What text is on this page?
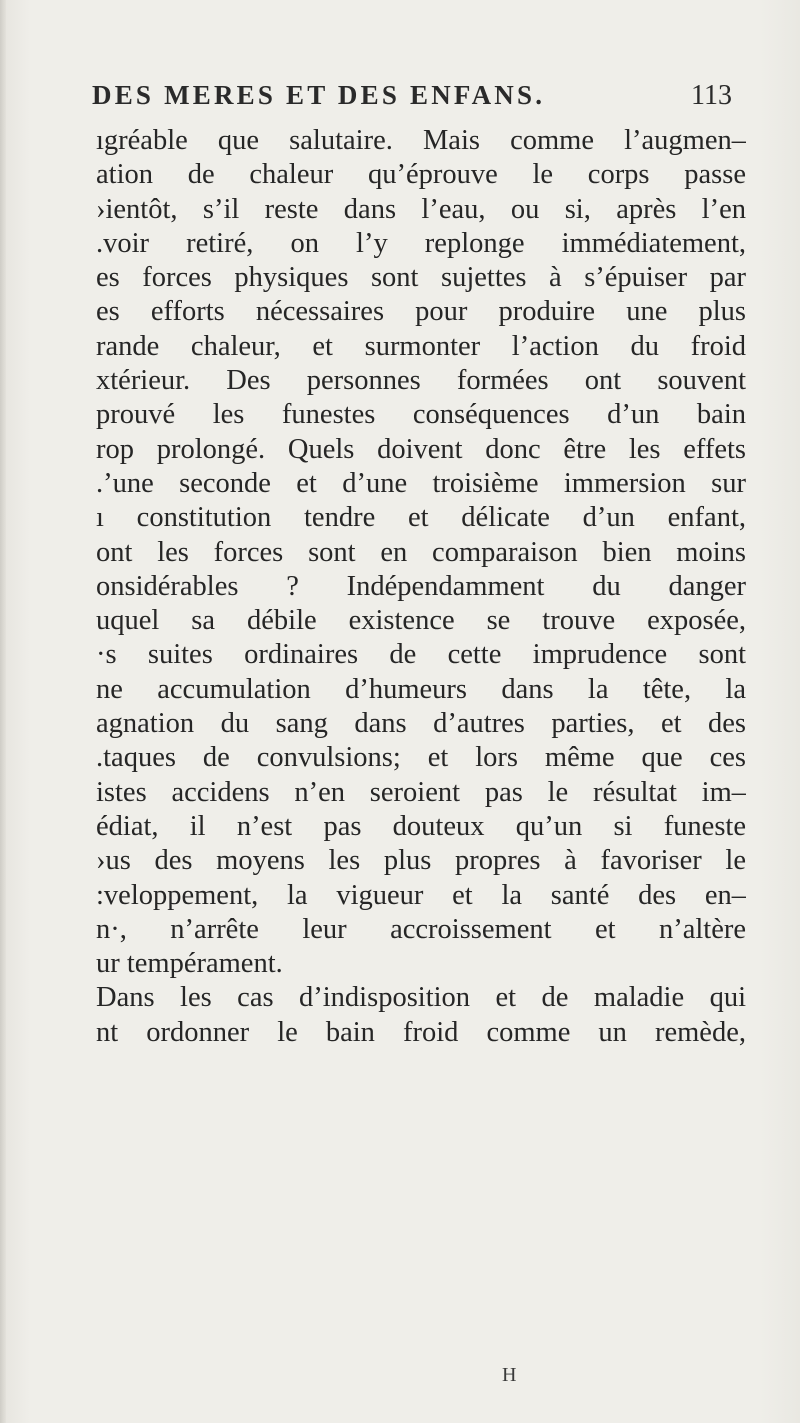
DES MERES ET DES ENFANS.	113
ıgréable que salutaire. Mais comme l’augmen–
ation de chaleur qu’éprouve le corps passe
›ientôt, s’il reste dans l’eau, ou si, après l’en
.voir retiré, on l’y replonge immédiatement,
es forces physiques sont sujettes à s’épuiser par
es efforts nécessaires pour produire une plus
rande chaleur, et surmonter l’action du froid
xtérieur. Des personnes formées ont souvent
prouvé les funestes conséquences d’un bain
rop prolongé. Quels doivent donc être les effets
.’une seconde et d’une troisième immersion sur
ı constitution tendre et délicate d’un enfant,
ont les forces sont en comparaison bien moins
onsidérables ? Indépendamment du danger
uquel sa débile existence se trouve exposée,
·s suites ordinaires de cette imprudence sont
ne accumulation d’humeurs dans la tête, la
agnation du sang dans d’autres parties, et des
.taques de convulsions; et lors même que ces
istes accidens n’en seroient pas le résultat im–
édiat, il n’est pas douteux qu’un si funeste
›us des moyens les plus propres à favoriser le
:veloppement, la vigueur et la santé des en–
n·, n’arrête leur accroissement et n’altère
ur tempérament.
Dans les cas d’indisposition et de maladie qui
nt ordonner le bain froid comme un remède,
H
